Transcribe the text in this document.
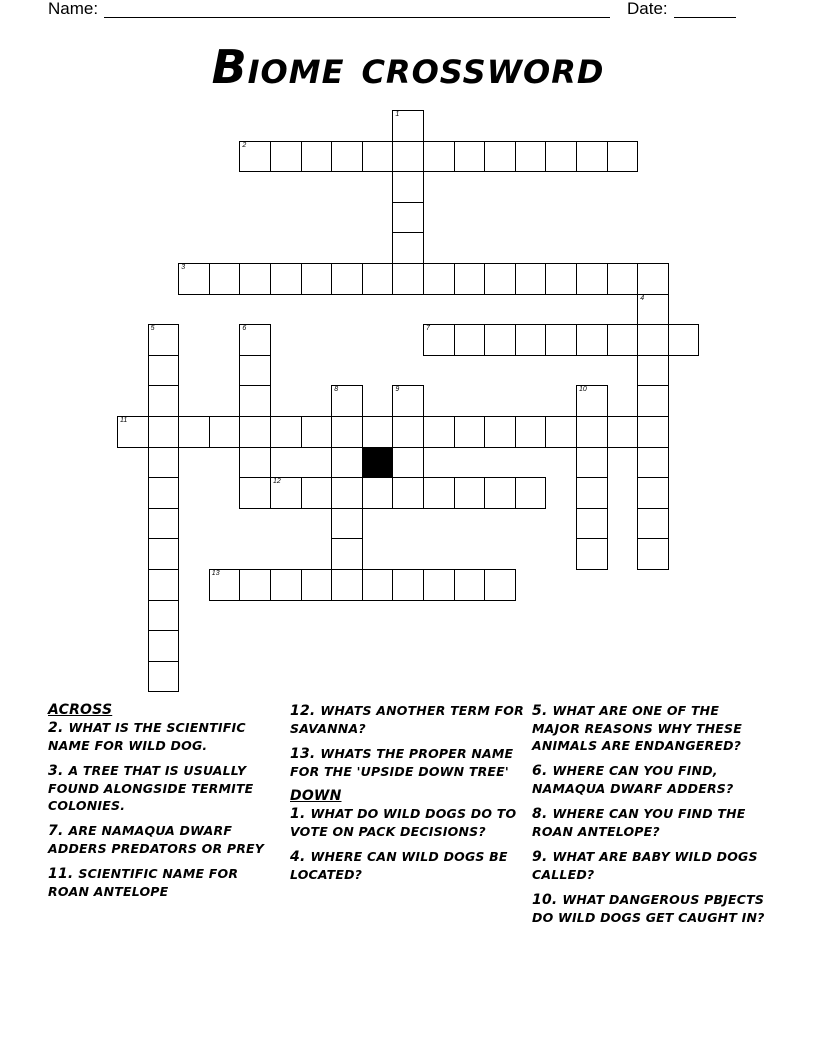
Name:	Date:
Biome crossword
1
2
3
4
5	6	7
8	9	10
11
12
13
ACROSS
2. WHAT IS THE SCIENTIFIC NAME FOR WILD DOG.
3. A TREE THAT IS USUALLY FOUND ALONGSIDE TERMITE COLONIES.
7. ARE NAMAQUA DWARF ADDERS PREDATORS OR PREY
11. SCIENTIFIC NAME FOR ROAN ANTELOPE
12. WHATS ANOTHER TERM FOR SAVANNA?
13. WHATS THE PROPER NAME FOR THE 'UPSIDE DOWN TREE'
DOWN
1. WHAT DO WILD DOGS DO TO VOTE ON PACK DECISIONS?
4. WHERE CAN WILD DOGS BE LOCATED?
5. WHAT ARE ONE OF THE MAJOR REASONS WHY THESE ANIMALS ARE ENDANGERED?
6. WHERE CAN YOU FIND, NAMAQUA DWARF ADDERS?
8. WHERE CAN YOU FIND THE ROAN ANTELOPE?
9. WHAT ARE BABY WILD DOGS CALLED?
10. WHAT DANGEROUS PBJECTS DO WILD DOGS GET CAUGHT IN?
